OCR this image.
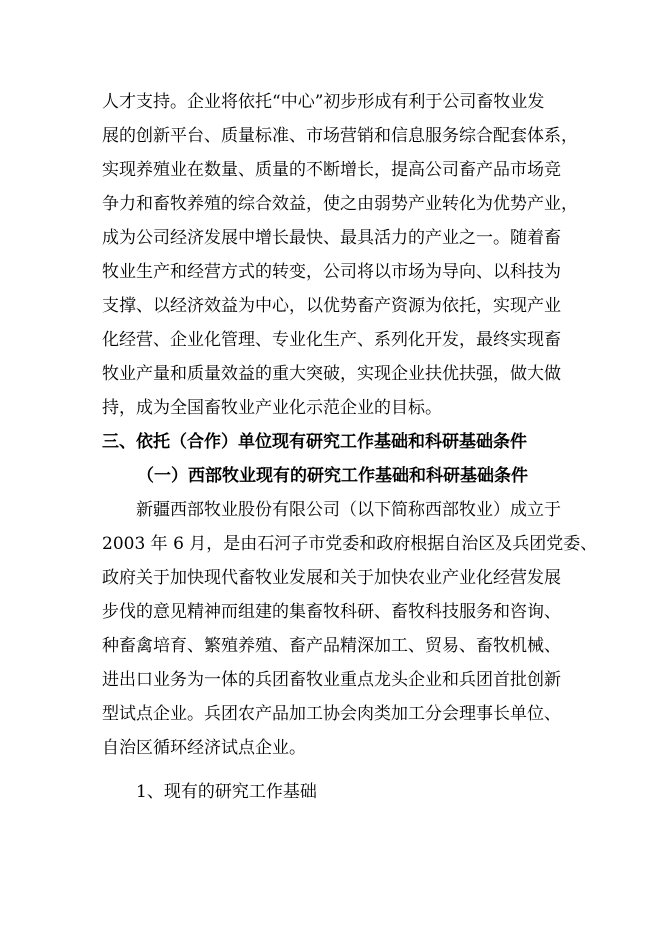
人才支持。企业将依托“中心”初步形成有利于公司畜牧业发
展的创新平台、质量标准、市场营销和信息服务综合配套体系，
实现养殖业在数量、质量的不断增长，提高公司畜产品市场竞
争力和畜牧养殖的综合效益，使之由弱势产业转化为优势产业，
成为公司经济发展中增长最快、最具活力的产业之一。随着畜
牧业生产和经营方式的转变，公司将以市场为导向、以科技为
支撑、以经济效益为中心，以优势畜产资源为依托，实现产业
化经营、企业化管理、专业化生产、系列化开发，最终实现畜
牧业产量和质量效益的重大突破，实现企业扶优扶强，做大做
持，成为全国畜牧业产业化示范企业的目标。
三、依托（合作）单位现有研究工作基础和科研基础条件
（一）西部牧业现有的研究工作基础和科研基础条件
新疆西部牧业股份有限公司（以下简称西部牧业）成立于
2003 年 6 月，是由石河子市党委和政府根据自治区及兵团党委、
政府关于加快现代畜牧业发展和关于加快农业产业化经营发展
步伐的意见精神而组建的集畜牧科研、畜牧科技服务和咨询、
种畜禽培育、繁殖养殖、畜产品精深加工、贸易、畜牧机械、
进出口业务为一体的兵团畜牧业重点龙头企业和兵团首批创新
型试点企业。兵团农产品加工协会肉类加工分会理事长单位、
自治区循环经济试点企业。
1、现有的研究工作基础
